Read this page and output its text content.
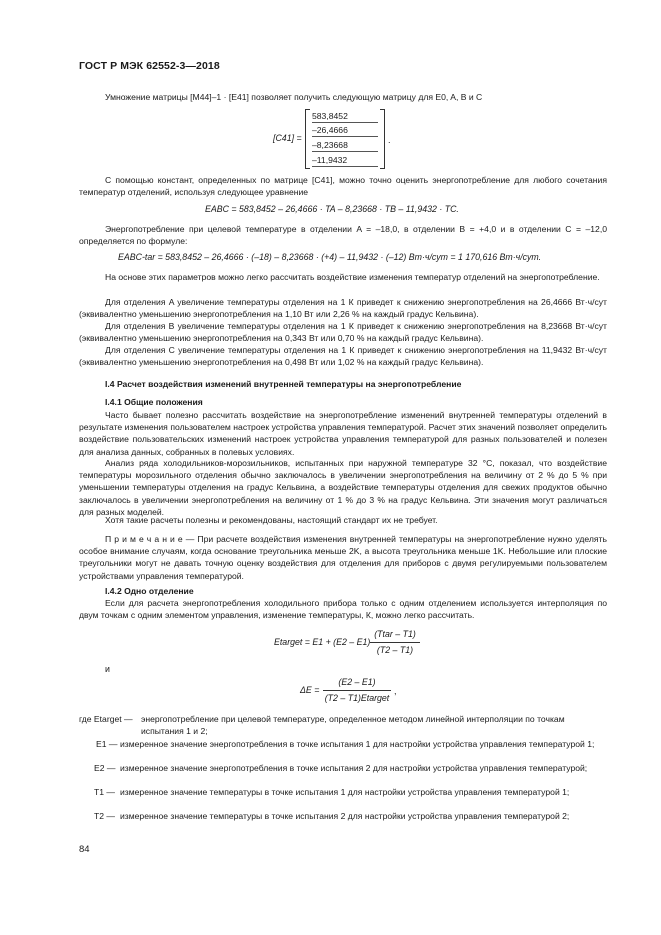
ГОСТ Р МЭК 62552-3—2018
Умножение матрицы [M44]–1 · [E41] позволяет получить следующую матрицу для E0, A, B и C
[C41] =
583,8452
–26,4666
–8,23668
–11,9432
.
С помощью констант, определенных по матрице [C41], можно точно оценить энергопотребление для любого сочетания температур отделений, используя следующее уравнение
EABC = 583,8452 – 26,4666 · TA – 8,23668 · TB – 11,9432 · TC.
Энергопотребление при целевой температуре в отделении A = –18,0, в отделении B = +4,0 и в отделении C = –12,0 определяется по формуле:
EABC-tar = 583,8452 – 26,4666 · (–18) – 8,23668 · (+4) – 11,9432 · (–12) Вт·ч/сут = 1 170,616 Вт·ч/сут.
На основе этих параметров можно легко рассчитать воздействие изменения температур отделений на энергопотребление.
Для отделения A увеличение температуры отделения на 1 К приведет к снижению энергопотребления на 26,4666 Вт·ч/сут (эквивалентно уменьшению энергопотребления на 1,10 Вт или 2,26 % на каждый градус Кельвина).
Для отделения B увеличение температуры отделения на 1 К приведет к снижению энергопотребления на 8,23668 Вт·ч/сут (эквивалентно уменьшению энергопотребления на 0,343 Вт или 0,70 % на каждый градус Кельвина).
Для отделения C увеличение температуры отделения на 1 К приведет к снижению энергопотребления на 11,9432 Вт·ч/сут (эквивалентно уменьшению энергопотребления на 0,498 Вт или 1,02 % на каждый градус Кельвина).
I.4 Расчет воздействия изменений внутренней температуры на энергопотребление
I.4.1 Общие положения
Часто бывает полезно рассчитать воздействие на энергопотребление изменений внутренней температуры отделений в результате изменения пользователем настроек устройства управления температурой. Расчет этих значений позволяет определить воздействие пользовательских изменений настроек устройства управления температурой для разных пользователей и полезен для анализа данных, собранных в полевых условиях.
Анализ ряда холодильников-морозильников, испытанных при наружной температуре 32 °С, показал, что воздействие температуры морозильного отделения обычно заключалось в увеличении энергопотребления на величину от 2 % до 5 % при уменьшении температуры отделения на градус Кельвина, а воздействие температуры отделения для свежих продуктов обычно заключалось в увеличении энергопотребления на величину от 1 % до 3 % на градус Кельвина. Эти значения могут различаться для разных моделей.
Хотя такие расчеты полезны и рекомендованы, настоящий стандарт их не требует.
П р и м е ч а н и е — При расчете воздействия изменения внутренней температуры на энергопотребление нужно уделять особое внимание случаям, когда основание треугольника меньше 2K, а высота треугольника меньше 1K. Небольшие или плоские треугольники могут не давать точную оценку воздействия для отделения для приборов с двумя регулируемыми пользователем устройствами управления температурой.
I.4.2 Одно отделение
Если для расчета энергопотребления холодильного прибора только с одним отделением используется интерполяция по двум точкам с одним элементом управления, изменение температуры, К, можно легко рассчитать.
Etarget = E1 + (E2 – E1)
(Ttar – T1)
(T2 – T1)
и
ΔE =
(E2 – E1)
(T2 – T1)Etarget
,
где Etarget — энергопотребление при целевой температуре, определенное методом линейной интерполяции по точкам испытания 1 и 2;
E1 — измеренное значение энергопотребления в точке испытания 1 для настройки устройства управления температурой 1;
E2 — измеренное значение энергопотребления в точке испытания 2 для настройки устройства управления температурой;
T1 — измеренное значение температуры в точке испытания 1 для настройки устройства управления температурой 1;
T2 — измеренное значение температуры в точке испытания 2 для настройки устройства управления температурой 2;
84
